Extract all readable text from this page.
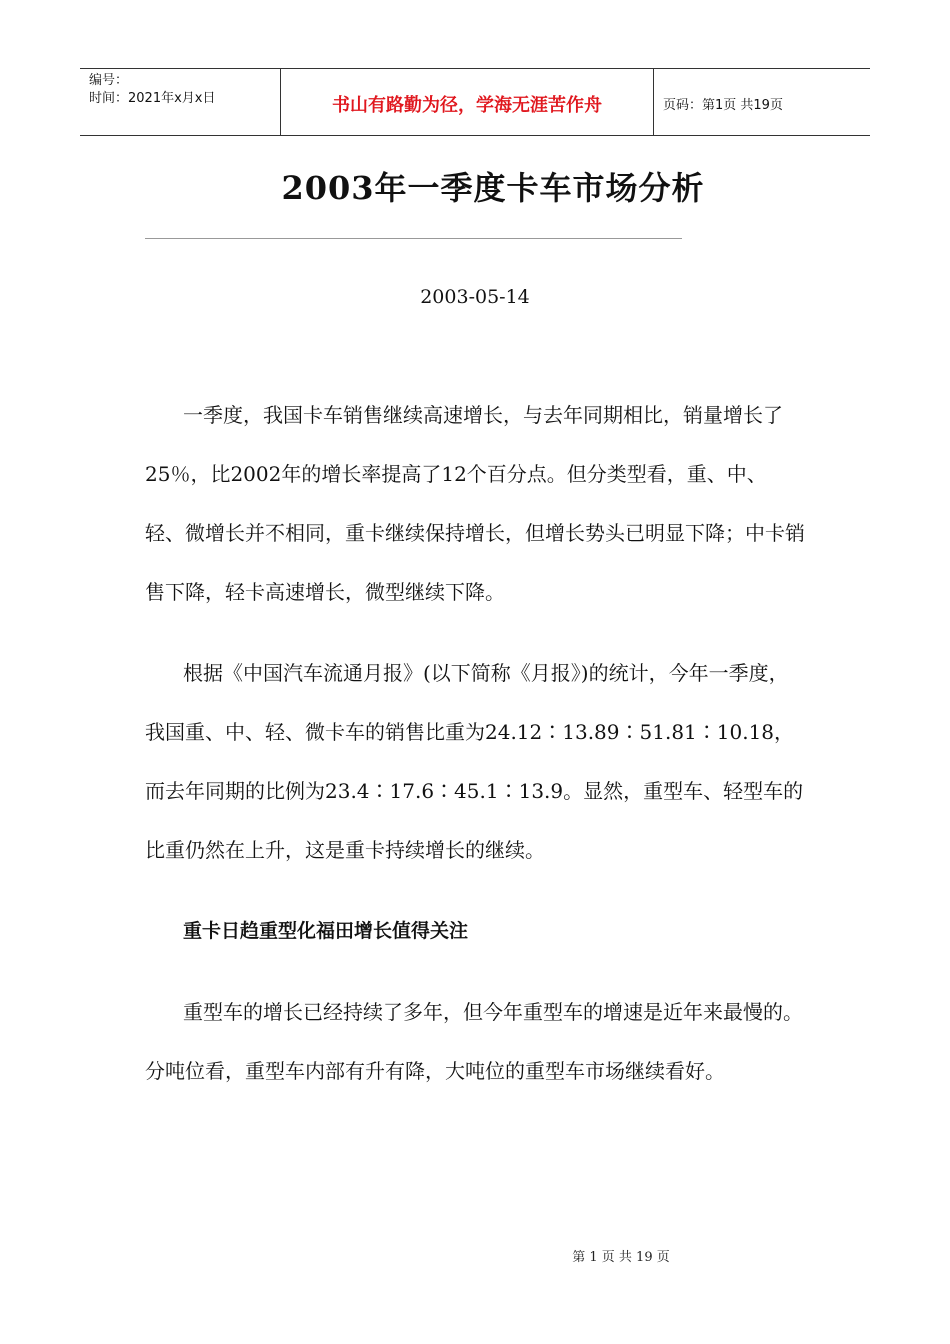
编号：
时间：2021年x月x日	书山有路勤为径，学海无涯苦作舟	页码：第1页 共19页
2003年一季度卡车市场分析
2003-05-14

一季度，我国卡车销售继续高速增长，与去年同期相比，销量增长了25％，比2002年的增长率提高了12个百分点。但分类型看，重、中、轻、微增长并不相同，重卡继续保持增长，但增长势头已明显下降；中卡销售下降，轻卡高速增长，微型继续下降。

根据《中国汽车流通月报》(以下简称《月报》)的统计，今年一季度，我国重、中、轻、微卡车的销售比重为24.12∶13.89∶51.81∶10.18，而去年同期的比例为23.4∶17.6∶45.1∶13.9。显然，重型车、轻型车的比重仍然在上升，这是重卡持续增长的继续。

重卡日趋重型化福田增长值得关注

重型车的增长已经持续了多年，但今年重型车的增速是近年来最慢的。分吨位看，重型车内部有升有降，大吨位的重型车市场继续看好。

第 1 页 共 19 页
